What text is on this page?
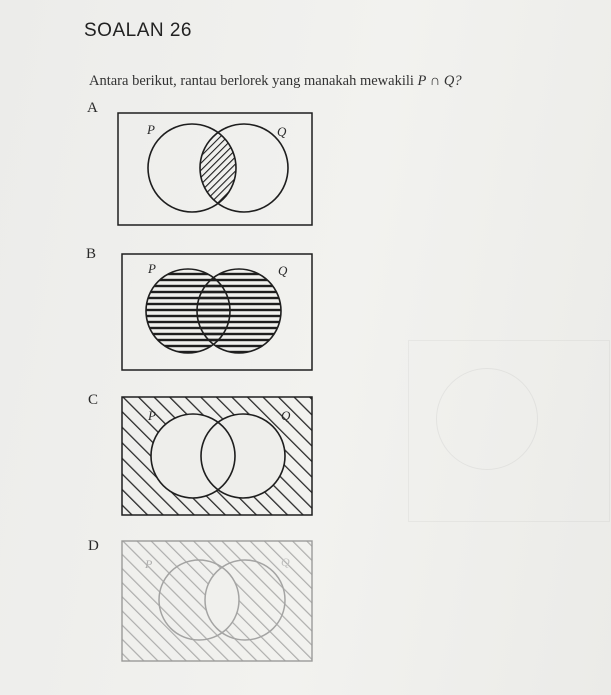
SOALAN 26
Antara berikut, rantau berlorek yang manakah mewakili P ∩ Q?
A
P	Q
B
P	Q
C
P	Q
D
P	Q
